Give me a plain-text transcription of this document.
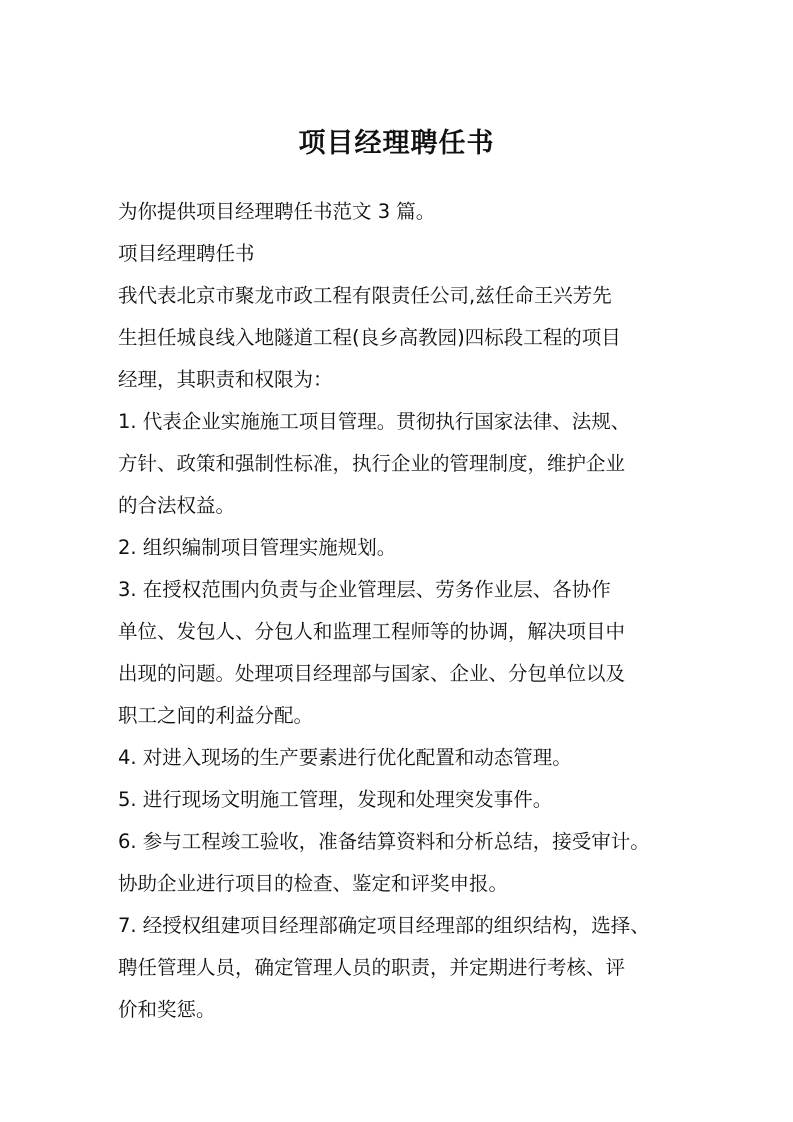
项目经理聘任书
为你提供项目经理聘任书范文 3 篇。
项目经理聘任书
我代表北京市聚龙市政工程有限责任公司,兹任命王兴芳先
生担任城良线入地隧道工程(良乡高教园)四标段工程的项目
经理，其职责和权限为：
1. 代表企业实施施工项目管理。贯彻执行国家法律、法规、
方针、政策和强制性标准，执行企业的管理制度，维护企业
的合法权益。
2. 组织编制项目管理实施规划。
3. 在授权范围内负责与企业管理层、劳务作业层、各协作
单位、发包人、分包人和监理工程师等的协调，解决项目中
出现的问题。处理项目经理部与国家、企业、分包单位以及
职工之间的利益分配。
4. 对进入现场的生产要素进行优化配置和动态管理。
5. 进行现场文明施工管理，发现和处理突发事件。
6. 参与工程竣工验收，准备结算资料和分析总结，接受审计。
协助企业进行项目的检查、鉴定和评奖申报。
7. 经授权组建项目经理部确定项目经理部的组织结构，选择、
聘任管理人员，确定管理人员的职责，并定期进行考核、评
价和奖惩。
